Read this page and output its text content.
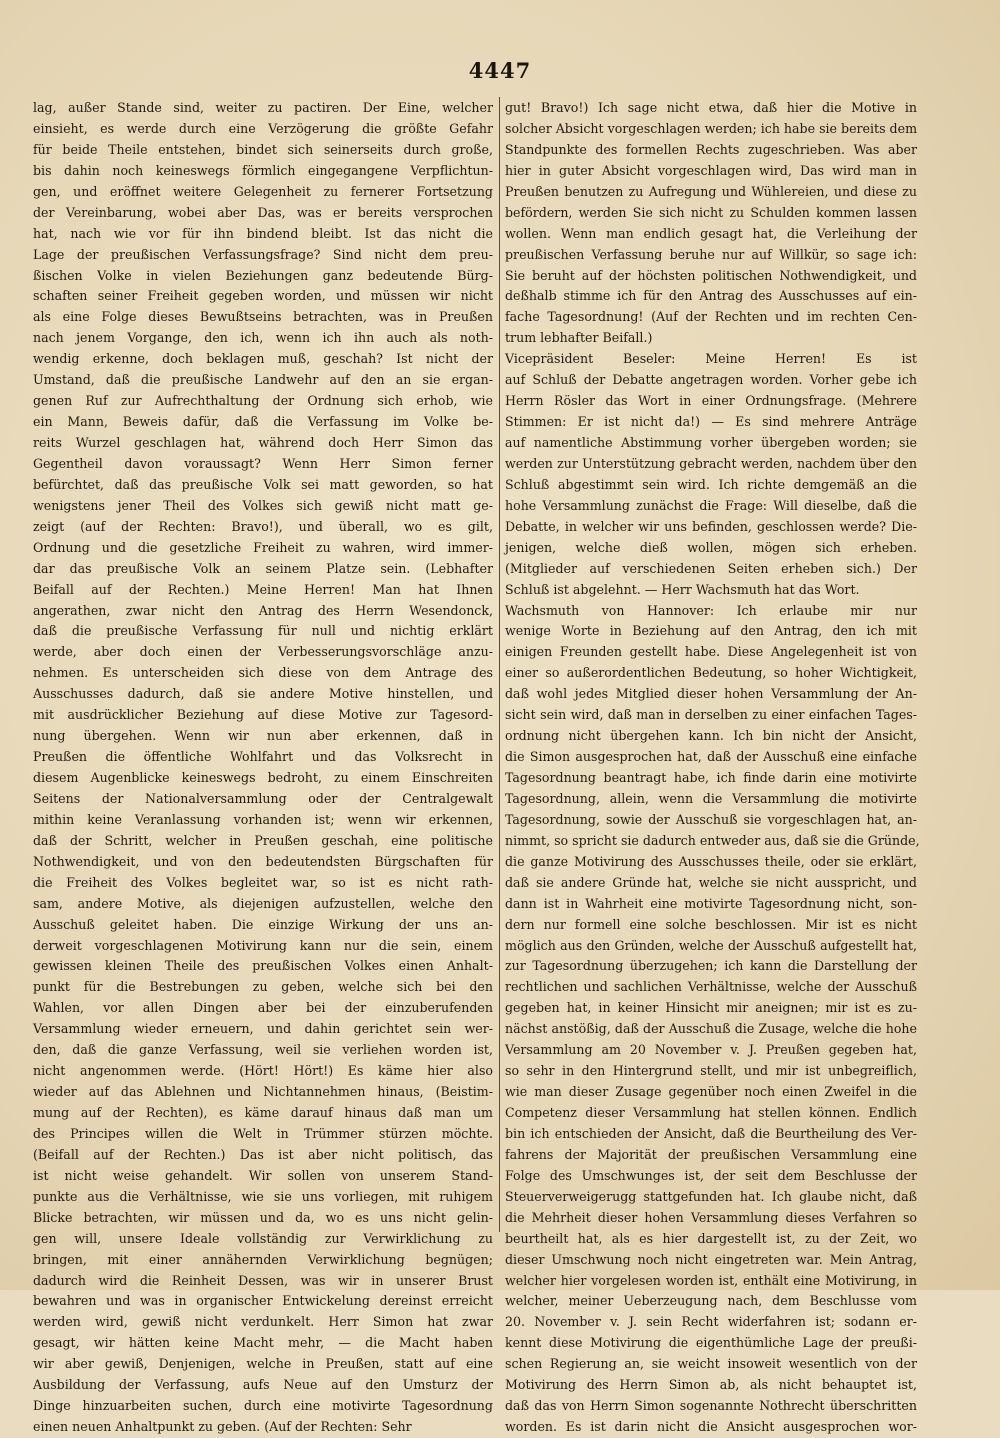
4447
lag, außer Stande sind, weiter zu pactiren. Der Eine, welcher
einsieht, es werde durch eine Verzögerung die größte Gefahr
für beide Theile entstehen, bindet sich seinerseits durch große,
bis dahin noch keineswegs förmlich eingegangene Verpflichtun-
gen, und eröffnet weitere Gelegenheit zu fernerer Fortsetzung
der Vereinbarung, wobei aber Das, was er bereits versprochen
hat, nach wie vor für ihn bindend bleibt. Ist das nicht die
Lage der preußischen Verfassungsfrage? Sind nicht dem preu-
ßischen Volke in vielen Beziehungen ganz bedeutende Bürg-
schaften seiner Freiheit gegeben worden, und müssen wir nicht
als eine Folge dieses Bewußtseins betrachten, was in Preußen
nach jenem Vorgange, den ich, wenn ich ihn auch als noth-
wendig erkenne, doch beklagen muß, geschah? Ist nicht der
Umstand, daß die preußische Landwehr auf den an sie ergan-
genen Ruf zur Aufrechthaltung der Ordnung sich erhob, wie
ein Mann, Beweis dafür, daß die Verfassung im Volke be-
reits Wurzel geschlagen hat, während doch Herr Simon das
Gegentheil davon voraussagt? Wenn Herr Simon ferner
befürchtet, daß das preußische Volk sei matt geworden, so hat
wenigstens jener Theil des Volkes sich gewiß nicht matt ge-
zeigt (auf der Rechten: Bravo!), und überall, wo es gilt,
Ordnung und die gesetzliche Freiheit zu wahren, wird immer-
dar das preußische Volk an seinem Platze sein. (Lebhafter
Beifall auf der Rechten.) Meine Herren! Man hat Ihnen
angerathen, zwar nicht den Antrag des Herrn Wesendonck,
daß die preußische Verfassung für null und nichtig erklärt
werde, aber doch einen der Verbesserungsvorschläge anzu-
nehmen. Es unterscheiden sich diese von dem Antrage des
Ausschusses dadurch, daß sie andere Motive hinstellen, und
mit ausdrücklicher Beziehung auf diese Motive zur Tagesord-
nung übergehen. Wenn wir nun aber erkennen, daß in
Preußen die öffentliche Wohlfahrt und das Volksrecht in
diesem Augenblicke keineswegs bedroht, zu einem Einschreiten
Seitens der Nationalversammlung oder der Centralgewalt
mithin keine Veranlassung vorhanden ist; wenn wir erkennen,
daß der Schritt, welcher in Preußen geschah, eine politische
Nothwendigkeit, und von den bedeutendsten Bürgschaften für
die Freiheit des Volkes begleitet war, so ist es nicht rath-
sam, andere Motive, als diejenigen aufzustellen, welche den
Ausschuß geleitet haben. Die einzige Wirkung der uns an-
derweit vorgeschlagenen Motivirung kann nur die sein, einem
gewissen kleinen Theile des preußischen Volkes einen Anhalt-
punkt für die Bestrebungen zu geben, welche sich bei den
Wahlen, vor allen Dingen aber bei der einzuberufenden
Versammlung wieder erneuern, und dahin gerichtet sein wer-
den, daß die ganze Verfassung, weil sie verliehen worden ist,
nicht angenommen werde. (Hört! Hört!) Es käme hier also
wieder auf das Ablehnen und Nichtannehmen hinaus, (Beistim-
mung auf der Rechten), es käme darauf hinaus daß man um
des Principes willen die Welt in Trümmer stürzen möchte.
(Beifall auf der Rechten.) Das ist aber nicht politisch, das
ist nicht weise gehandelt. Wir sollen von unserem Stand-
punkte aus die Verhältnisse, wie sie uns vorliegen, mit ruhigem
Blicke betrachten, wir müssen und da, wo es uns nicht gelin-
gen will, unsere Ideale vollständig zur Verwirklichung zu
bringen, mit einer annähernden Verwirklichung begnügen;
dadurch wird die Reinheit Dessen, was wir in unserer Brust
bewahren und was in organischer Entwickelung dereinst erreicht
werden wird, gewiß nicht verdunkelt. Herr Simon hat zwar
gesagt, wir hätten keine Macht mehr, — die Macht haben
wir aber gewiß, Denjenigen, welche in Preußen, statt auf eine
Ausbildung der Verfassung, aufs Neue auf den Umsturz der
Dinge hinzuarbeiten suchen, durch eine motivirte Tagesordnung
einen neuen Anhaltpunkt zu geben. (Auf der Rechten: Sehr
gut! Bravo!) Ich sage nicht etwa, daß hier die Motive in
solcher Absicht vorgeschlagen werden; ich habe sie bereits dem
Standpunkte des formellen Rechts zugeschrieben. Was aber
hier in guter Absicht vorgeschlagen wird, Das wird man in
Preußen benutzen zu Aufregung und Wühlereien, und diese zu
befördern, werden Sie sich nicht zu Schulden kommen lassen
wollen. Wenn man endlich gesagt hat, die Verleihung der
preußischen Verfassung beruhe nur auf Willkür, so sage ich:
Sie beruht auf der höchsten politischen Nothwendigkeit, und
deßhalb stimme ich für den Antrag des Ausschusses auf ein-
fache Tagesordnung! (Auf der Rechten und im rechten Cen-
trum lebhafter Beifall.)
Vicepräsident Beseler: Meine Herren! Es ist
auf Schluß der Debatte angetragen worden. Vorher gebe ich
Herrn Rösler das Wort in einer Ordnungsfrage. (Mehrere
Stimmen: Er ist nicht da!) — Es sind mehrere Anträge
auf namentliche Abstimmung vorher übergeben worden; sie
werden zur Unterstützung gebracht werden, nachdem über den
Schluß abgestimmt sein wird. Ich richte demgemäß an die
hohe Versammlung zunächst die Frage: Will dieselbe, daß die
Debatte, in welcher wir uns befinden, geschlossen werde? Die-
jenigen, welche dieß wollen, mögen sich erheben.
(Mitglieder auf verschiedenen Seiten erheben sich.) Der
Schluß ist abgelehnt. — Herr Wachsmuth hat das Wort.
Wachsmuth von Hannover: Ich erlaube mir nur
wenige Worte in Beziehung auf den Antrag, den ich mit
einigen Freunden gestellt habe. Diese Angelegenheit ist von
einer so außerordentlichen Bedeutung, so hoher Wichtigkeit,
daß wohl jedes Mitglied dieser hohen Versammlung der An-
sicht sein wird, daß man in derselben zu einer einfachen Tages-
ordnung nicht übergehen kann. Ich bin nicht der Ansicht,
die Simon ausgesprochen hat, daß der Ausschuß eine einfache
Tagesordnung beantragt habe, ich finde darin eine motivirte
Tagesordnung, allein, wenn die Versammlung die motivirte
Tagesordnung, sowie der Ausschuß sie vorgeschlagen hat, an-
nimmt, so spricht sie dadurch entweder aus, daß sie die Gründe,
die ganze Motivirung des Ausschusses theile, oder sie erklärt,
daß sie andere Gründe hat, welche sie nicht ausspricht, und
dann ist in Wahrheit eine motivirte Tagesordnung nicht, son-
dern nur formell eine solche beschlossen. Mir ist es nicht
möglich aus den Gründen, welche der Ausschuß aufgestellt hat,
zur Tagesordnung überzugehen; ich kann die Darstellung der
rechtlichen und sachlichen Verhältnisse, welche der Ausschuß
gegeben hat, in keiner Hinsicht mir aneignen; mir ist es zu-
nächst anstößig, daß der Ausschuß die Zusage, welche die hohe
Versammlung am 20 November v. J. Preußen gegeben hat,
so sehr in den Hintergrund stellt, und mir ist unbegreiflich,
wie man dieser Zusage gegenüber noch einen Zweifel in die
Competenz dieser Versammlung hat stellen können. Endlich
bin ich entschieden der Ansicht, daß die Beurtheilung des Ver-
fahrens der Majorität der preußischen Versammlung eine
Folge des Umschwunges ist, der seit dem Beschlusse der
Steuerverweigerugg stattgefunden hat. Ich glaube nicht, daß
die Mehrheit dieser hohen Versammlung dieses Verfahren so
beurtheilt hat, als es hier dargestellt ist, zu der Zeit, wo
dieser Umschwung noch nicht eingetreten war. Mein Antrag,
welcher hier vorgelesen worden ist, enthält eine Motivirung, in
welcher, meiner Ueberzeugung nach, dem Beschlusse vom
20. November v. J. sein Recht widerfahren ist; sodann er-
kennt diese Motivirung die eigenthümliche Lage der preußi-
schen Regierung an, sie weicht insoweit wesentlich von der
Motivirung des Herrn Simon ab, als nicht behauptet ist,
daß das von Herrn Simon sogenannte Nothrecht überschritten
worden. Es ist darin nicht die Ansicht ausgesprochen wor-
